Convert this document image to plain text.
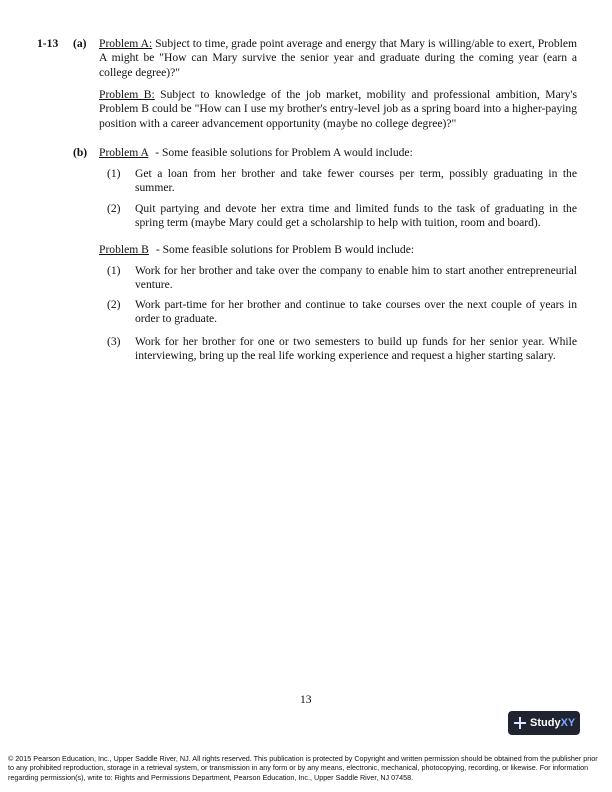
1-13 (a) Problem A: Subject to time, grade point average and energy that Mary is willing/able to exert, Problem A might be "How can Mary survive the senior year and graduate during the coming year (earn a college degree)?"
Problem B: Subject to knowledge of the job market, mobility and professional ambition, Mary's Problem B could be "How can I use my brother's entry-level job as a spring board into a higher-paying position with a career advancement opportunity (maybe no college degree)?"
(b) Problem A - Some feasible solutions for Problem A would include:
(1) Get a loan from her brother and take fewer courses per term, possibly graduating in the summer.
(2) Quit partying and devote her extra time and limited funds to the task of graduating in the spring term (maybe Mary could get a scholarship to help with tuition, room and board).
Problem B - Some feasible solutions for Problem B would include:
(1) Work for her brother and take over the company to enable him to start another entrepreneurial venture.
(2) Work part-time for her brother and continue to take courses over the next couple of years in order to graduate.
(3) Work for her brother for one or two semesters to build up funds for her senior year. While interviewing, bring up the real life working experience and request a higher starting salary.
13
StudyXY
© 2015 Pearson Education, Inc., Upper Saddle River, NJ. All rights reserved. This publication is protected by Copyright and written permission should be obtained from the publisher prior to any prohibited reproduction, storage in a retrieval system, or transmission in any form or by any means, electronic, mechanical, photocopying, recording, or likewise. For information regarding permission(s), write to: Rights and Permissions Department, Pearson Education, Inc., Upper Saddle River, NJ 07458.
